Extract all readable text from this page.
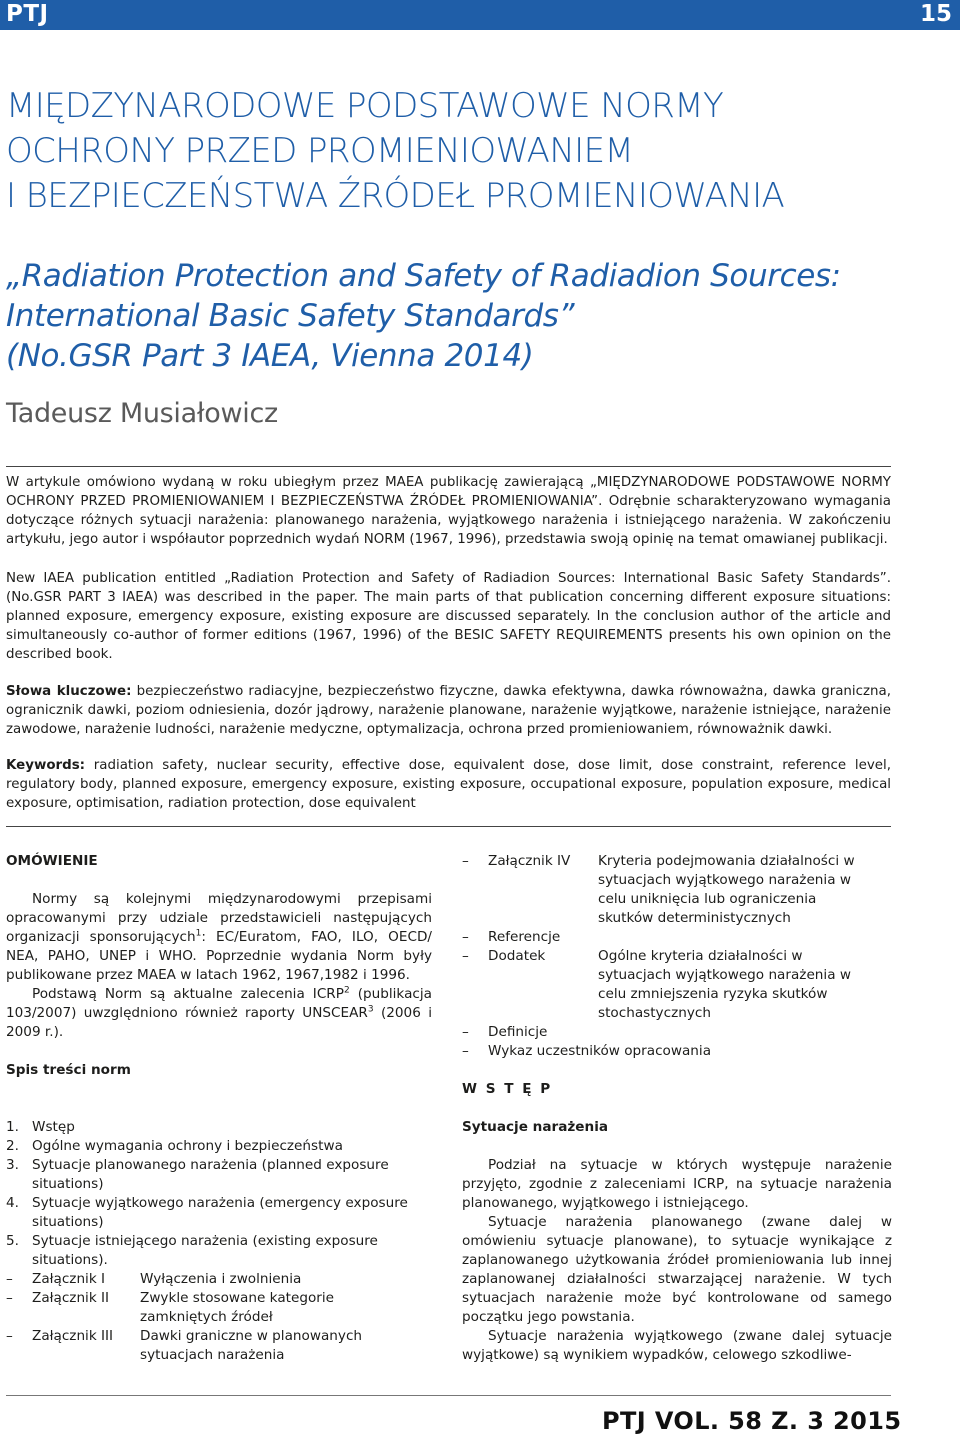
PTJ	15
MIĘDZYNARODOWE PODSTAWOWE NORMY
OCHRONY PRZED PROMIENIOWANIEM
I BEZPIECZEŃSTWA ŹRÓDEŁ PROMIENIOWANIA
„Radiation Protection and Safety of Radiadion Sources:
International Basic Safety Standards”
(No.GSR Part 3 IAEA, Vienna 2014)
Tadeusz Musiałowicz

W artykule omówiono wydaną w roku ubiegłym przez MAEA publikację zawierającą „MIĘDZYNARODOWE PODSTAWOWE NORMY OCHRONY PRZED PROMIENIOWANIEM I BEZPIECZEŃSTWA ŹRÓDEŁ PROMIENIOWANIA”. Odrębnie scharakteryzowano wymagania dotyczące różnych sytuacji narażenia: planowanego narażenia, wyjątkowego narażenia i istniejącego narażenia. W zakończeniu artykułu, jego autor i współautor poprzednich wydań NORM (1967, 1996), przedstawia swoją opinię na temat omawianej publikacji.

New IAEA publication entitled „Radiation Protection and Safety of Radiadion Sources: International Basic Safety Standards”. (No.GSR PART 3 IAEA) was described in the paper. The main parts of that publication concerning different exposure situations: planned exposure, emergency exposure, existing exposure are discussed separately. In the conclusion author of the article and simultaneously co-author of former editions (1967, 1996) of the BESIC SAFETY REQUIREMENTS presents his own opinion on the described book.

Słowa kluczowe: bezpieczeństwo radiacyjne, bezpieczeństwo fizyczne, dawka efektywna, dawka równoważna, dawka graniczna, ogranicznik dawki, poziom odniesienia, dozór jądrowy, narażenie planowane, narażenie wyjątkowe, narażenie istniejące, narażenie zawodowe, narażenie ludności, narażenie medyczne, optymalizacja, ochrona przed promieniowaniem, równoważnik dawki.

Keywords: radiation safety, nuclear security, effective dose, equivalent dose, dose limit, dose constraint, reference level, regulatory body, planned exposure, emergency exposure, existing exposure, occupational exposure, population exposure, medical exposure, optimisation, radiation protection, dose equivalent

OMÓWIENIE

Normy są kolejnymi międzynarodowymi przepisami opracowanymi przy udziale przedstawicieli następujących organizacji sponsorujących$^1$: EC/Euratom, FAO, ILO, OECD/ NEA, PAHO, UNEP i WHO. Poprzednie wydania Norm były publikowane przez MAEA w latach 1962, 1967,1982 i 1996.

Podstawą Norm są aktualne zalecenia ICRP$^2$ (publikacja 103/2007) uwzględniono również raporty UNSCEAR$^3$ (2006 i 2009 r.).

Spis treści norm

1. Wstęp
2. Ogólne wymagania ochrony i bezpieczeństwa
3. Sytuacje planowanego narażenia (planned exposure situations)
4. Sytuacje wyjątkowego narażenia (emergency exposure situations)
5. Sytuacje istniejącego narażenia (existing exposure situations).
– Załącznik I	Wyłączenia i zwolnienia
– Załącznik II Zwykle stosowane kategorie zamkniętych źródeł
– Załącznik III Dawki graniczne w planowanych sytuacjach narażenia
– Załącznik IV Kryteria podejmowania działalności w sytuacjach wyjątkowego narażenia w celu uniknięcia lub ograniczenia skutków deterministycznych
– Referencje
– Dodatek	Ogólne kryteria działalności w sytuacjach wyjątkowego narażenia w celu zmniejszenia ryzyka skutków stochastycznych
– Definicje
– Wykaz uczestników opracowania

W S T Ę P

Sytuacje narażenia

Podział na sytuacje w których występuje narażenie przyjęto, zgodnie z zaleceniami ICRP, na sytuacje narażenia planowanego, wyjątkowego i istniejącego.

Sytuacje narażenia planowanego (zwane dalej w omówieniu sytuacje planowane), to sytuacje wynikające z zaplanowanego użytkowania źródeł promieniowania lub innej zaplanowanej działalności stwarzającej narażenie. W tych sytuacjach narażenie może być kontrolowane od samego początku jego powstania.

Sytuacje narażenia wyjątkowego (zwane dalej sytuacje wyjątkowe) są wynikiem wypadków, celowego szkodliwe-

PTJ VOL. 58 Z. 3 2015
